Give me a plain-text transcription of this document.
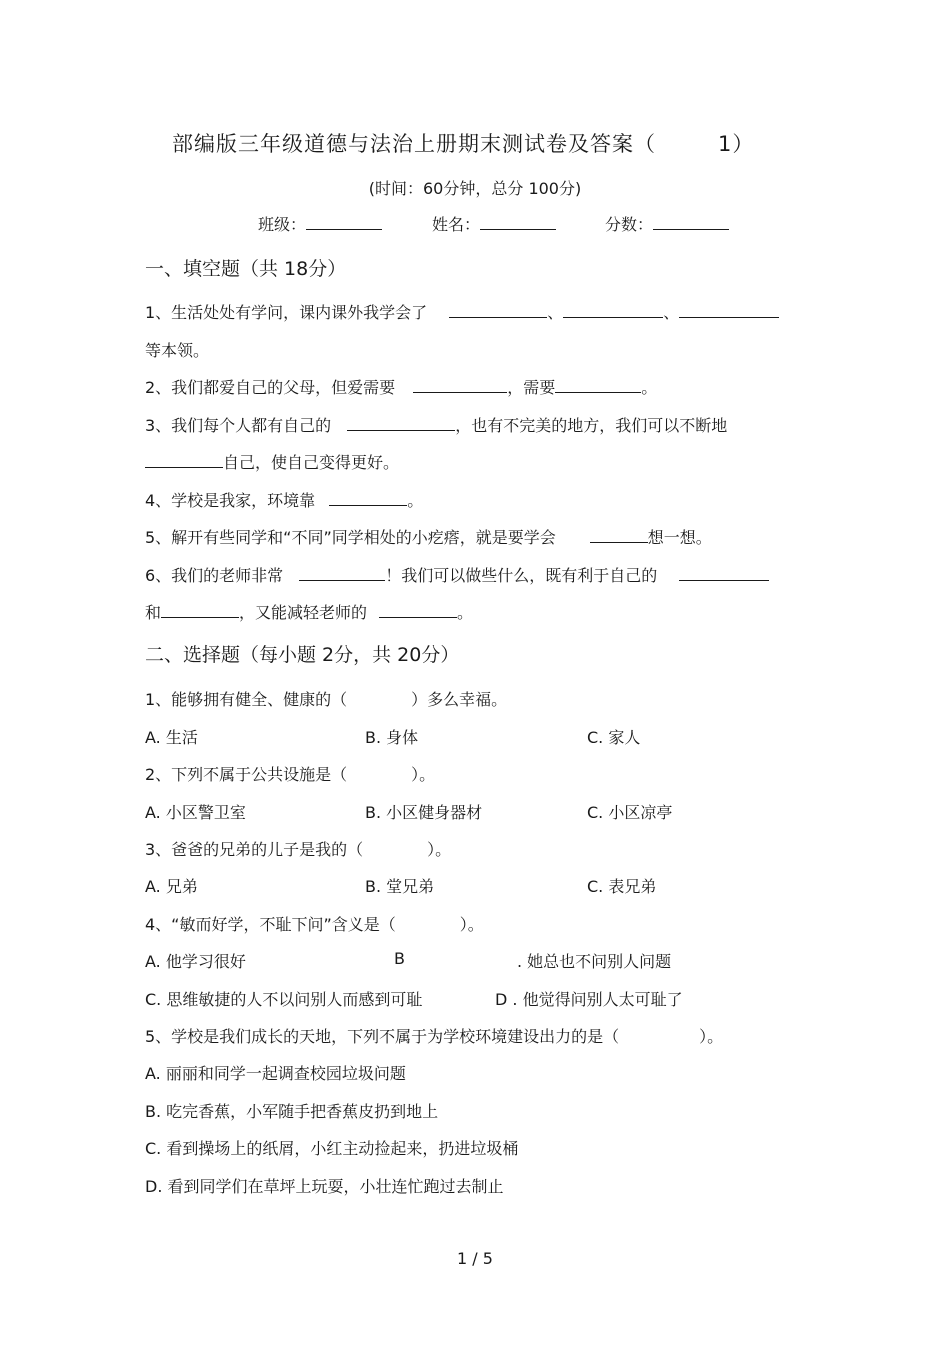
部编版三年级道德与法治上册期末测试卷及答案（	1）
(时间：60分钟，总分 100分)
班级：	姓名：	分数：
一、填空题（共 18分）
1、生活处处有学问，课内课外我学会了	、	、
等本领。
2、我们都爱自己的父母，但爱需要	，需要	。
3、我们每个人都有自己的	，也有不完美的地方，我们可以不断地
自己，使自己变得更好。
4、学校是我家，环境靠	。
5、解开有些同学和“不同”同学相处的小疙瘩，就是要学会	想一想。
6、我们的老师非常	！我们可以做些什么，既有利于自己的
和	，又能减轻老师的	。
二、选择题（每小题 2分，共 20分）
1、能够拥有健全、健康的（　　　　）多么幸福。
A. 生活	B. 身体	C. 家人
2、下列不属于公共设施是（　　　　）。
A. 小区警卫室	B. 小区健身器材	C. 小区凉亭
3、爸爸的兄弟的儿子是我的（　　　　）。
A. 兄弟	B. 堂兄弟	C. 表兄弟
4、“敏而好学，不耻下问”含义是（　　　　）。
A. 他学习很好	B	. 她总也不问别人问题
C. 思维敏捷的人不以问别人而感到可耻	D . 他觉得问别人太可耻了
5、学校是我们成长的天地，下列不属于为学校环境建设出力的是（　　　　　）。
A. 丽丽和同学一起调查校园垃圾问题
B. 吃完香蕉，小军随手把香蕉皮扔到地上
C. 看到操场上的纸屑，小红主动捡起来，扔进垃圾桶
D. 看到同学们在草坪上玩耍，小壮连忙跑过去制止
1 / 5
